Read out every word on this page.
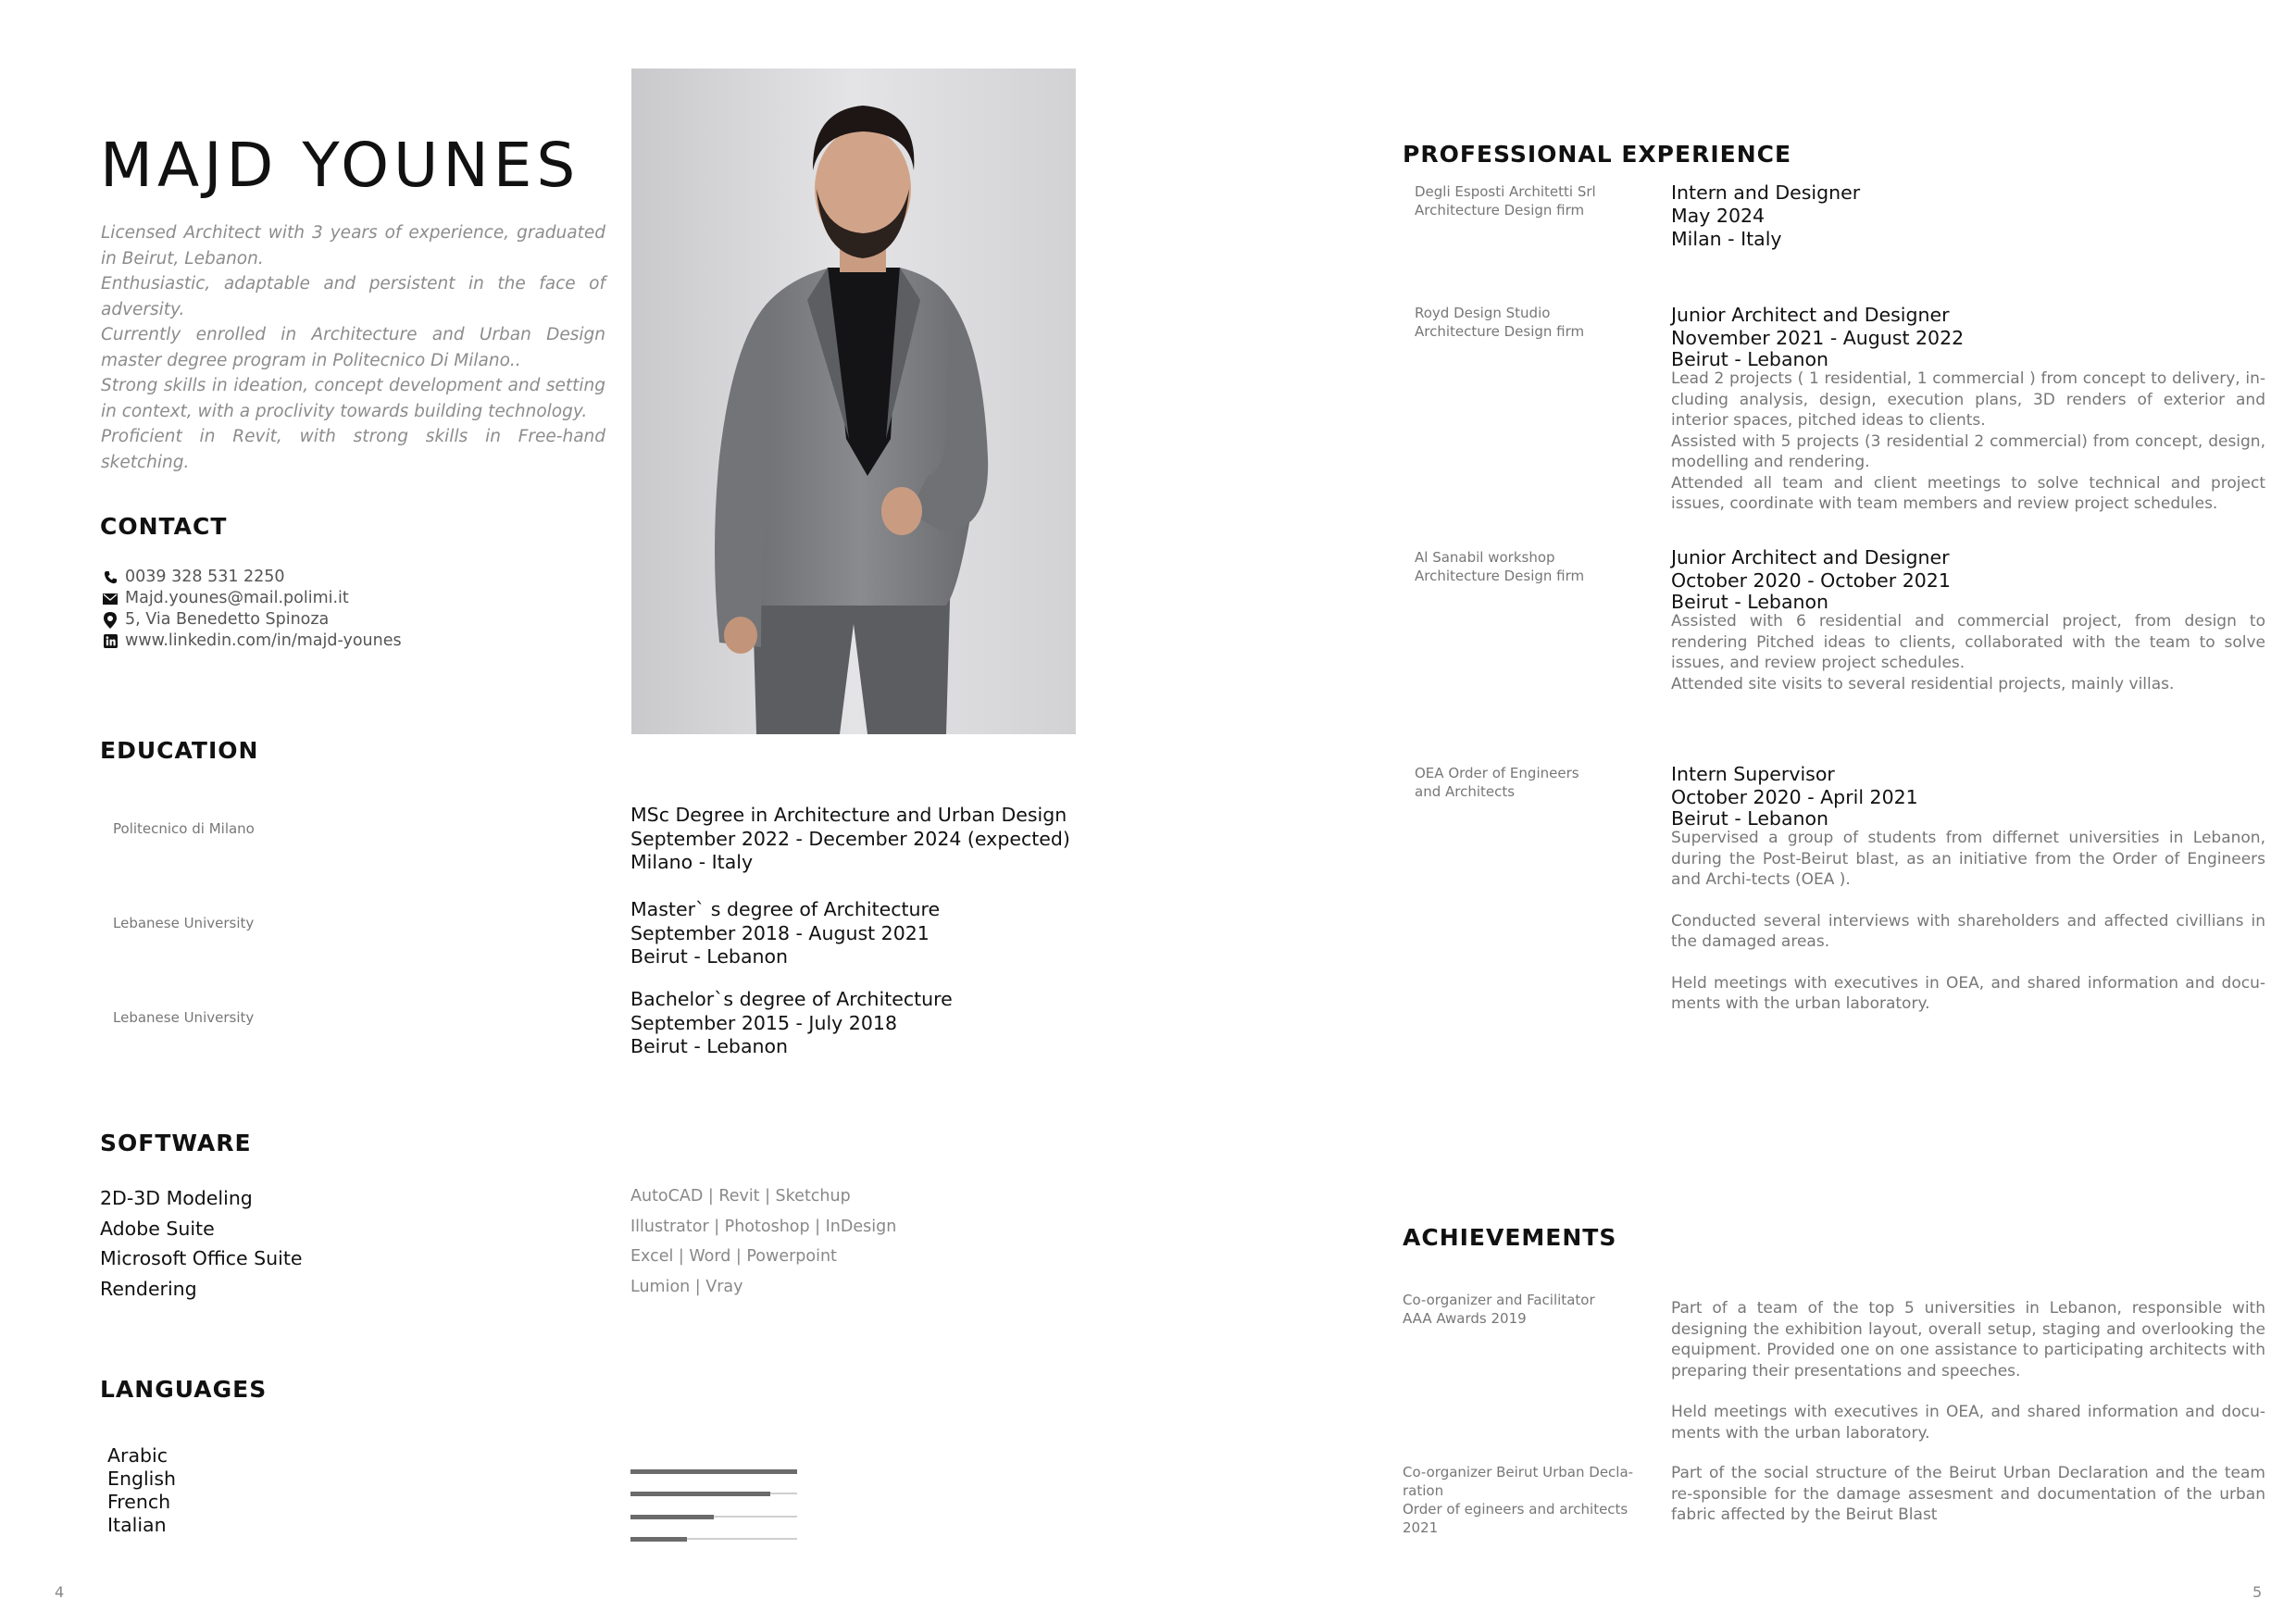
MAJD YOUNES
Licensed Architect with 3 years of experience, graduated in Beirut, Lebanon.
Enthusiastic, adaptable and persistent in the face of adversity.
Currently enrolled in Architecture and Urban Design master degree program in Politecnico Di Milano..
Strong skills in ideation, concept development and setting in context, with a proclivity towards building technology.
Proficient in Revit, with strong skills in Free-hand sketching.
CONTACT
0039 328 531 2250
Majd.younes@mail.polimi.it
5, Via Benedetto Spinoza
www.linkedin.com/in/majd-younes
EDUCATION
Politecnico di Milano
MSc Degree in Architecture and Urban Design
September 2022 - December 2024 (expected)
Milano - Italy
Lebanese University
Master` s degree of Architecture
September 2018 - August 2021
Beirut - Lebanon
Lebanese University
Bachelor`s degree of Architecture
September 2015 - July 2018
Beirut - Lebanon
SOFTWARE
2D-3D Modeling
Adobe Suite
Microsoft Office Suite
Rendering
AutoCAD | Revit | Sketchup
Illustrator | Photoshop | InDesign
Excel | Word | Powerpoint
Lumion | Vray
LANGUAGES
Arabic
English
French
Italian
4
PROFESSIONAL EXPERIENCE
Degli Esposti Architetti Srl
Architecture Design firm
Intern and Designer
May 2024
Milan - Italy
Royd Design Studio
Architecture Design firm
Junior Architect and Designer
November 2021 - August 2022
Beirut - Lebanon
Lead 2 projects ( 1 residential, 1 commercial ) from concept to delivery, in-cluding analysis, design, execution plans, 3D renders of exterior and interior spaces, pitched ideas to clients.
Assisted with 5 projects (3 residential 2 commercial) from concept, design, modelling and rendering.
Attended all team and client meetings to solve technical and project issues, coordinate with team members and review project schedules.
Al Sanabil workshop
Architecture Design firm
Junior Architect and Designer
October 2020 - October 2021
Beirut - Lebanon
Assisted with 6 residential and commercial project, from design to rendering Pitched ideas to clients, collaborated with the team to solve issues, and review project schedules.
Attended site visits to several residential projects, mainly villas.
OEA Order of Engineers
and Architects
Intern Supervisor
October 2020 - April 2021
Beirut - Lebanon
Supervised a group of students from differnet universities in Lebanon, during the Post-Beirut blast, as an initiative from the Order of Engineers and Archi-tects (OEA ).
Conducted several interviews with shareholders and affected civillians in the damaged areas.
Held meetings with executives in OEA, and shared information and docu-ments with the urban laboratory.
ACHIEVEMENTS
Co-organizer and Facilitator
AAA Awards 2019
Part of a team of the top 5 universities in Lebanon, responsible with designing the exhibition layout, overall setup, staging and overlooking the equipment. Provided one on one assistance to participating architects with preparing their presentations and speeches.
Held meetings with executives in OEA, and shared information and docu-ments with the urban laboratory.
Co-organizer Beirut Urban Decla-
ration
Order of egineers and architects
2021
Part of the social structure of the Beirut Urban Declaration and the team re-sponsible for the damage assesment and documentation of the urban fabric affected by the Beirut Blast
5
